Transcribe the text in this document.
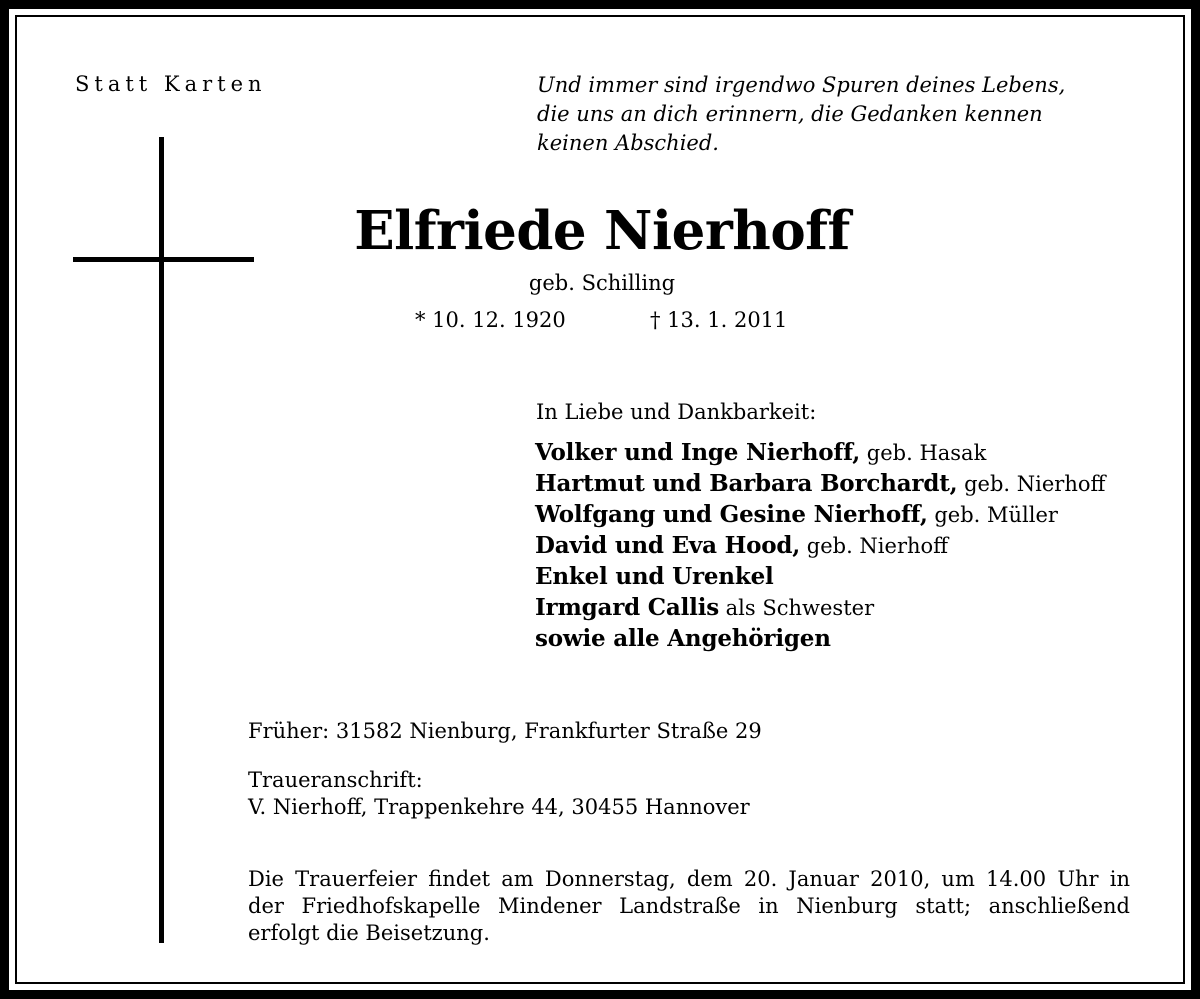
Statt Karten	Und immer sind irgendwo Spuren deines Lebens,
die uns an dich erinnern, die Gedanken kennen
keinen Abschied.
Elfriede Nierhoff
geb. Schilling
* 10. 12. 1920	† 13. 1. 2011
In Liebe und Dankbarkeit:
Volker und Inge Nierhoff, geb. Hasak
Hartmut und Barbara Borchardt, geb. Nierhoff
Wolfgang und Gesine Nierhoff, geb. Müller
David und Eva Hood, geb. Nierhoff
Enkel und Urenkel
Irmgard Callis als Schwester
sowie alle Angehörigen
Früher: 31582 Nienburg, Frankfurter Straße 29
Traueranschrift:
V. Nierhoff, Trappenkehre 44, 30455 Hannover
Die Trauerfeier findet am Donnerstag, dem 20. Januar 2010, um 14.00 Uhr in
der Friedhofskapelle Mindener Landstraße in Nienburg statt; anschließend
erfolgt die Beisetzung.
